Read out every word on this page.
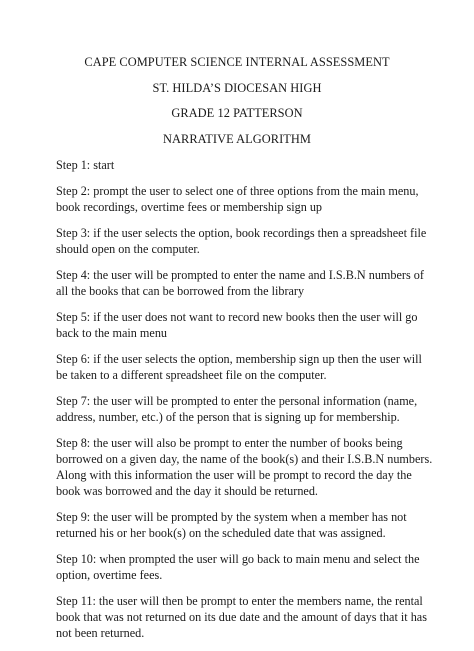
CAPE COMPUTER SCIENCE INTERNAL ASSESSMENT
ST. HILDA’S DIOCESAN HIGH
GRADE 12 PATTERSON
NARRATIVE ALGORITHM

Step 1: start

Step 2: prompt the user to select one of three options from the main menu, book recordings, overtime fees or membership sign up

Step 3: if the user selects the option, book recordings then a spreadsheet file should open on the computer.

Step 4: the user will be prompted to enter the name and I.S.B.N numbers of all the books that can be borrowed from the library

Step 5: if the user does not want to record new books then the user will go back to the main menu

Step 6: if the user selects the option, membership sign up then the user will be taken to a different spreadsheet file on the computer.

Step 7: the user will be prompted to enter the personal information (name, address, number, etc.) of the person that is signing up for membership.

Step 8: the user will also be prompt to enter the number of books being borrowed on a given day, the name of the book(s) and their I.S.B.N numbers. Along with this information the user will be prompt to record the day the book was borrowed and the day it should be returned.

Step 9: the user will be prompted by the system when a member has not returned his or her book(s) on the scheduled date that was assigned.

Step 10: when prompted the user will go back to main menu and select the option, overtime fees.

Step 11: the user will then be prompt to enter the members name, the rental book that was not returned on its due date and the amount of days that it has not been returned.
